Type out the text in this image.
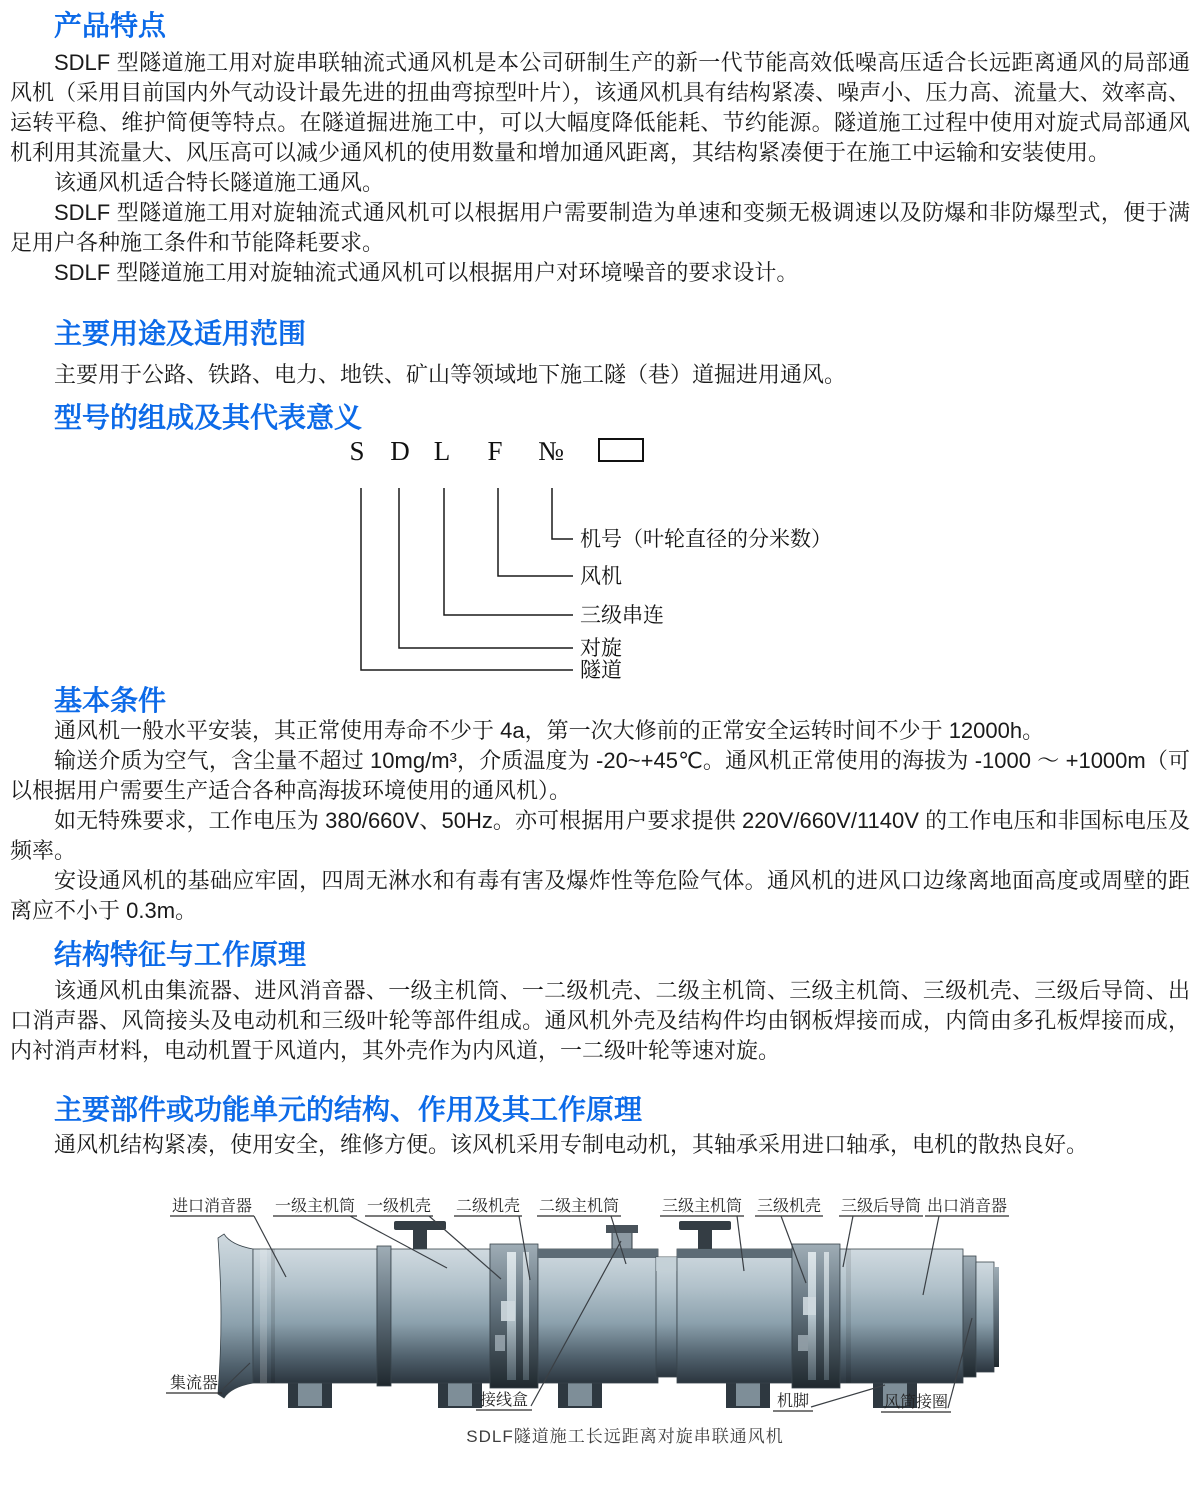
产品特点

SDLF 型隧道施工用对旋串联轴流式通风机是本公司研制生产的新一代节能高效低噪高压适合长远距离通风的局部通风机（采用目前国内外气动设计最先进的扭曲弯掠型叶片），该通风机具有结构紧凑、噪声小、压力高、流量大、效率高、运转平稳、维护简便等特点。在隧道掘进施工中，可以大幅度降低能耗、节约能源。隧道施工过程中使用对旋式局部通风机利用其流量大、风压高可以减少通风机的使用数量和增加通风距离，其结构紧凑便于在施工中运输和安装使用。

该通风机适合特长隧道施工通风。

SDLF 型隧道施工用对旋轴流式通风机可以根据用户需要制造为单速和变频无极调速以及防爆和非防爆型式，便于满足用户各种施工条件和节能降耗要求。

SDLF 型隧道施工用对旋轴流式通风机可以根据用户对环境噪音的要求设计。

主要用途及适用范围

主要用于公路、铁路、电力、地铁、矿山等领域地下施工隧（巷）道掘进用通风。

型号的组成及其代表意义
S D L F №
机号（叶轮直径的分米数）
风机
三级串连
对旋
隧道
基本条件

通风机一般水平安装，其正常使用寿命不少于 4a，第一次大修前的正常安全运转时间不少于 12000h。

输送介质为空气，含尘量不超过 10mg/m³，介质温度为 -20~+45℃。通风机正常使用的海拔为 -1000 ～ +1000m（可以根据用户需要生产适合各种高海拔环境使用的通风机）。

如无特殊要求，工作电压为 380/660V、50Hz。亦可根据用户要求提供 220V/660V/1140V 的工作电压和非国标电压及频率。

安设通风机的基础应牢固，四周无淋水和有毒有害及爆炸性等危险气体。通风机的进风口边缘离地面高度或周壁的距离应不小于 0.3m。

结构特征与工作原理

该通风机由集流器、进风消音器、一级主机筒、一二级机壳、二级主机筒、三级主机筒、三级机壳、三级后导筒、出口消声器、风筒接头及电动机和三级叶轮等部件组成。通风机外壳及结构件均由钢板焊接而成，内筒由多孔板焊接而成，内衬消声材料，电动机置于风道内，其外壳作为内风道，一二级叶轮等速对旋。

主要部件或功能单元的结构、作用及其工作原理

通风机结构紧凑，使用安全，维修方便。该风机采用专制电动机，其轴承采用进口轴承，电机的散热良好。

进口消音器 一级主机筒 一级机壳 二级机壳 二级主机筒	三级主机筒 三级机壳 三级后导筒 出口消音器
集流器
接线盒	机脚	风筒接圈
SDLF隧道施工长远距离对旋串联通风机
